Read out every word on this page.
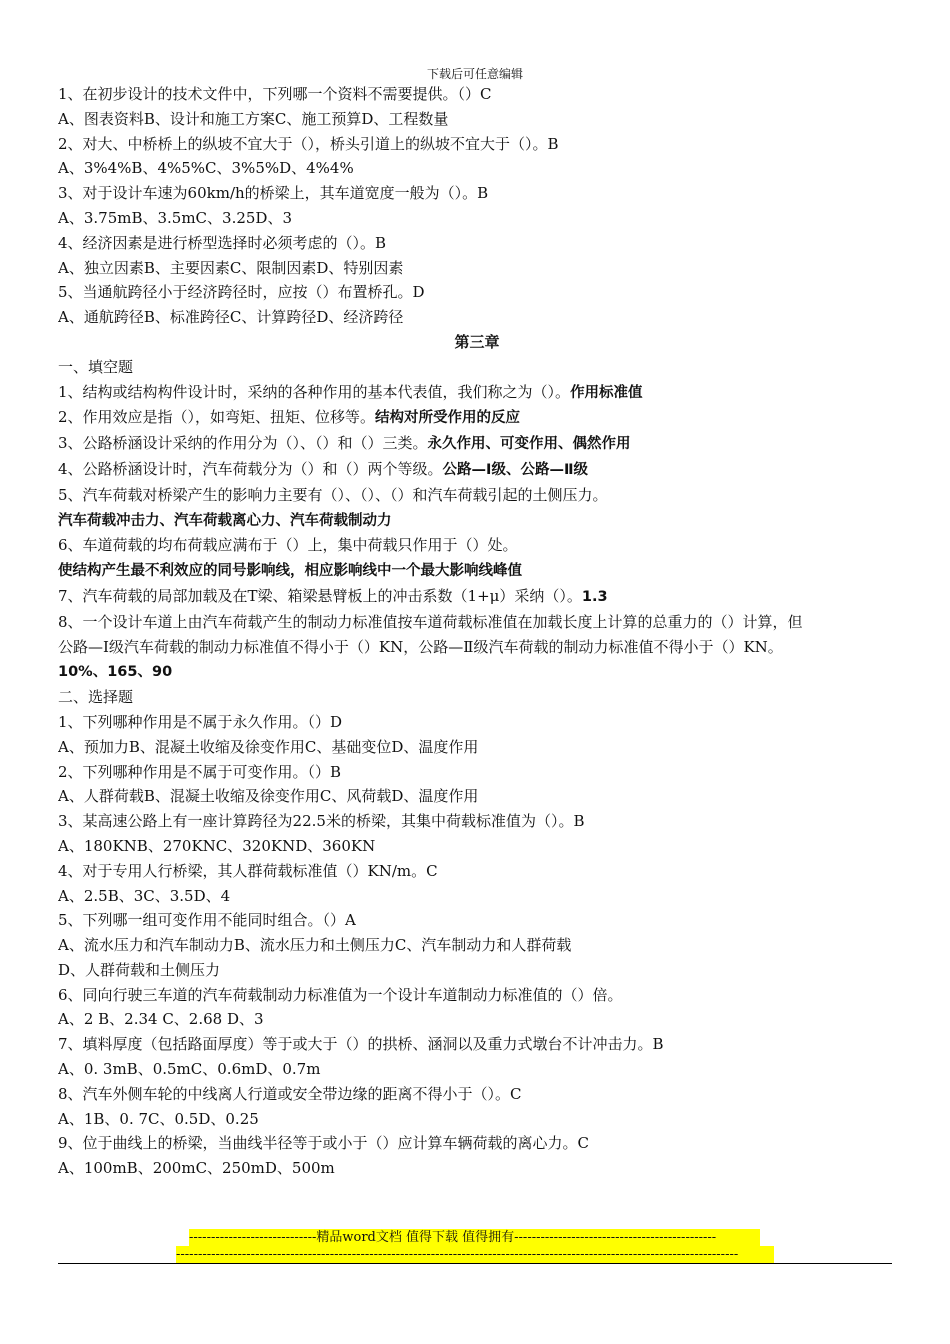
下载后可任意编辑
1、在初步设计的技术文件中，下列哪一个资料不需要提供。（）C
A、图表资料B、设计和施工方案C、施工预算D、工程数量
2、对大、中桥桥上的纵坡不宜大于（），桥头引道上的纵坡不宜大于（）。B
A、3%4%B、4%5%C、3%5%D、4%4%
3、对于设计车速为60km/h的桥梁上，其车道宽度一般为（）。B
A、3.75mB、3.5mC、3.25D、3
4、经济因素是进行桥型选择时必须考虑的（）。B
A、独立因素B、主要因素C、限制因素D、特别因素
5、当通航跨径小于经济跨径时，应按（）布置桥孔。D
A、通航跨径B、标准跨径C、计算跨径D、经济跨径
第三章
一、填空题
1、结构或结构构件设计时，采纳的各种作用的基本代表值，我们称之为（）。作用标准值
2、作用效应是指（），如弯矩、扭矩、位移等。结构对所受作用的反应
3、公路桥涵设计采纳的作用分为（）、（）和（）三类。永久作用、可变作用、偶然作用
4、公路桥涵设计时，汽车荷载分为（）和（）两个等级。公路—Ⅰ级、公路—Ⅱ级
5、汽车荷载对桥梁产生的影响力主要有（）、（）、（）和汽车荷载引起的土侧压力。
汽车荷载冲击力、汽车荷载离心力、汽车荷载制动力
6、车道荷载的均布荷载应满布于（）上，集中荷载只作用于（）处。
使结构产生最不利效应的同号影响线，相应影响线中一个最大影响线峰值
7、汽车荷载的局部加载及在T梁、箱梁悬臂板上的冲击系数（1+μ）采纳（）。1.3
8、一个设计车道上由汽车荷载产生的制动力标准值按车道荷载标准值在加载长度上计算的总重力的（）计算，但
公路—Ⅰ级汽车荷载的制动力标准值不得小于（）KN，公路—Ⅱ级汽车荷载的制动力标准值不得小于（）KN。
10%、165、90
二、选择题
1、下列哪种作用是不属于永久作用。（）D
A、预加力B、混凝土收缩及徐变作用C、基础变位D、温度作用
2、下列哪种作用是不属于可变作用。（）B
A、人群荷载B、混凝土收缩及徐变作用C、风荷载D、温度作用
3、某高速公路上有一座计算跨径为22.5米的桥梁，其集中荷载标准值为（）。B
A、180KNB、270KNC、320KND、360KN
4、对于专用人行桥梁，其人群荷载标准值（）KN/m。C
A、2.5B、3C、3.5D、4
5、下列哪一组可变作用不能同时组合。（）A
A、流水压力和汽车制动力B、流水压力和土侧压力C、汽车制动力和人群荷载
D、人群荷载和土侧压力
6、同向行驶三车道的汽车荷载制动力标准值为一个设计车道制动力标准值的（）倍。
A、2 B、2.34 C、2.68 D、3
7、填料厚度（包括路面厚度）等于或大于（）的拱桥、涵洞以及重力式墩台不计冲击力。B
A、0. 3mB、0.5mC、0.6mD、0.7m
8、汽车外侧车轮的中线离人行道或安全带边缘的距离不得小于（）。C
A、1B、0. 7C、0.5D、0.25
9、位于曲线上的桥梁，当曲线半径等于或小于（）应计算车辆荷载的离心力。C
A、100mB、200mC、250mD、500m
-----------------------------精品word文档 值得下载 值得拥有----------------------------------------------
--------------------------------------------------------------------------------------------------------------------------------
